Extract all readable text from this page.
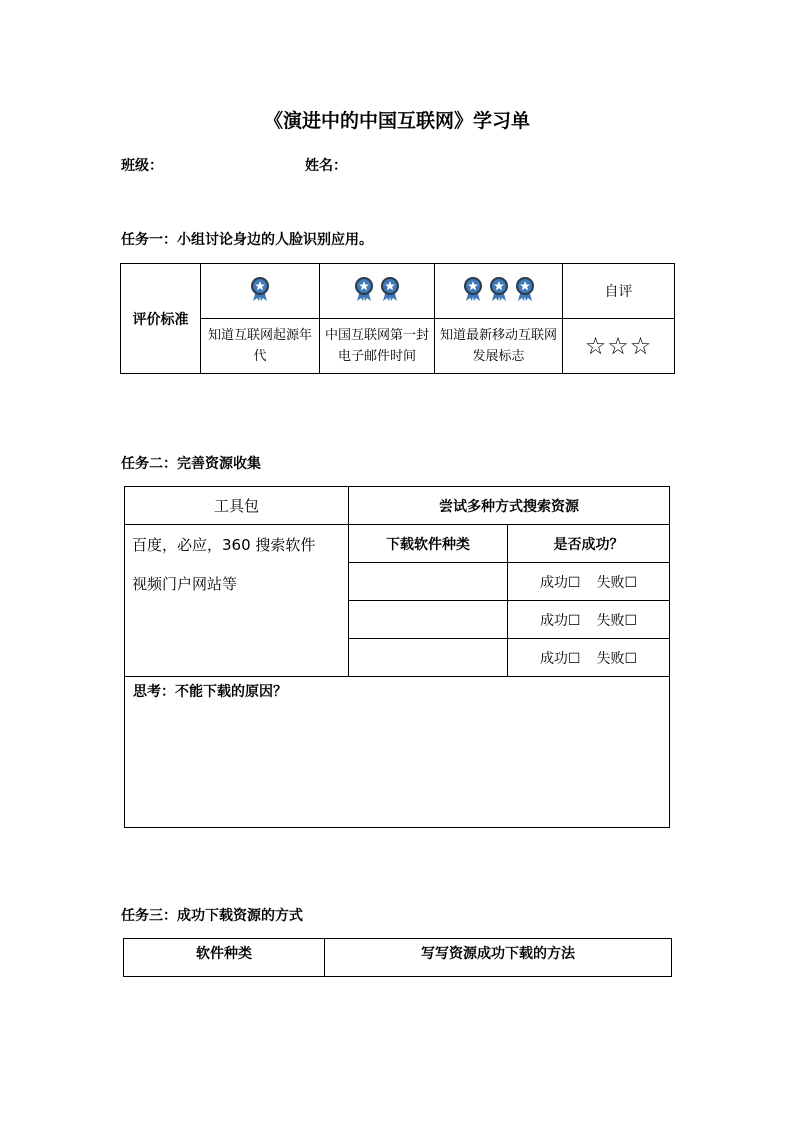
《演进中的中国互联网》学习单
班级：	姓名：
任务一：小组讨论身边的人脸识别应用。
评价标准				自评
	知道互联网起源年代	中国互联网第一封电子邮件时间	知道最新移动互联网发展标志	☆☆☆
任务二：完善资源收集
工具包	尝试多种方式搜索资源	

百度，必应，360 搜索软件
视频门户网站等	下载软件种类	是否成功？
		成功☐ 失败☐
		成功☐ 失败☐
		成功☐ 失败☐
思考：不能下载的原因？		
任务三：成功下载资源的方式
软件种类	写写资源成功下载的方法
